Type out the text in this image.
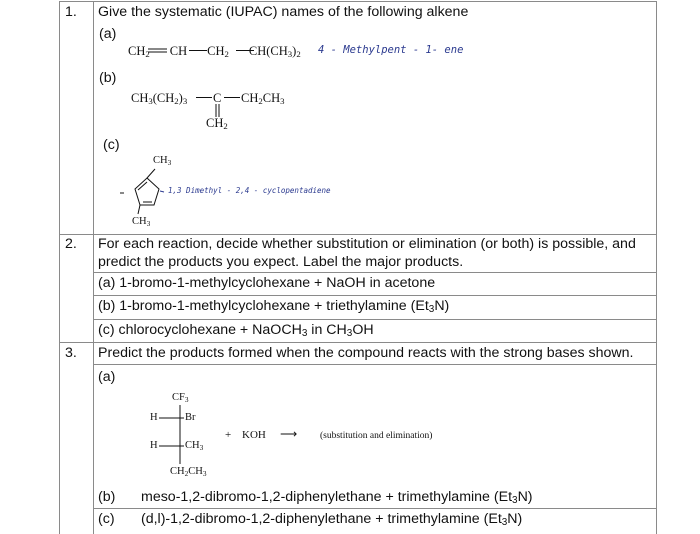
1. Give the systematic (IUPAC) names of the following alkene
(a)
$CH_2$ CH $CH_2$ $CH(CH_3)_2$ 4 - Methylpent - 1- ene
(b)
$CH_3(CH_2)_3$ C $CH_2CH_3$
$CH_2$
(c)
$CH_3$
$CH_3$
1,3 Dimethyl - 2,4 - cyclopentadiene
2. For each reaction, decide whether substitution or elimination (or both) is possible, and
predict the products you expect. Label the major products.
(a) 1-bromo-1-methylcyclohexane + NaOH in acetone
(b) 1-bromo-1-methylcyclohexane + triethylamine $(Et_3N)$
(c) chlorocyclohexane + NaOCH$_3$ in $CH_3OH$
3. Predict the products formed when the compound reacts with the strong bases shown.
(a)
$CF_3$
H	Br
H	$CH_3$
$CH_2CH_3$
+ KOH ⟶ (substitution and elimination)
(b) meso-1,2-dibromo-1,2-diphenylethane + trimethylamine $(Et_3N)$
(c) (d,l)-1,2-dibromo-1,2-diphenylethane + trimethylamine $(Et_3N)$
